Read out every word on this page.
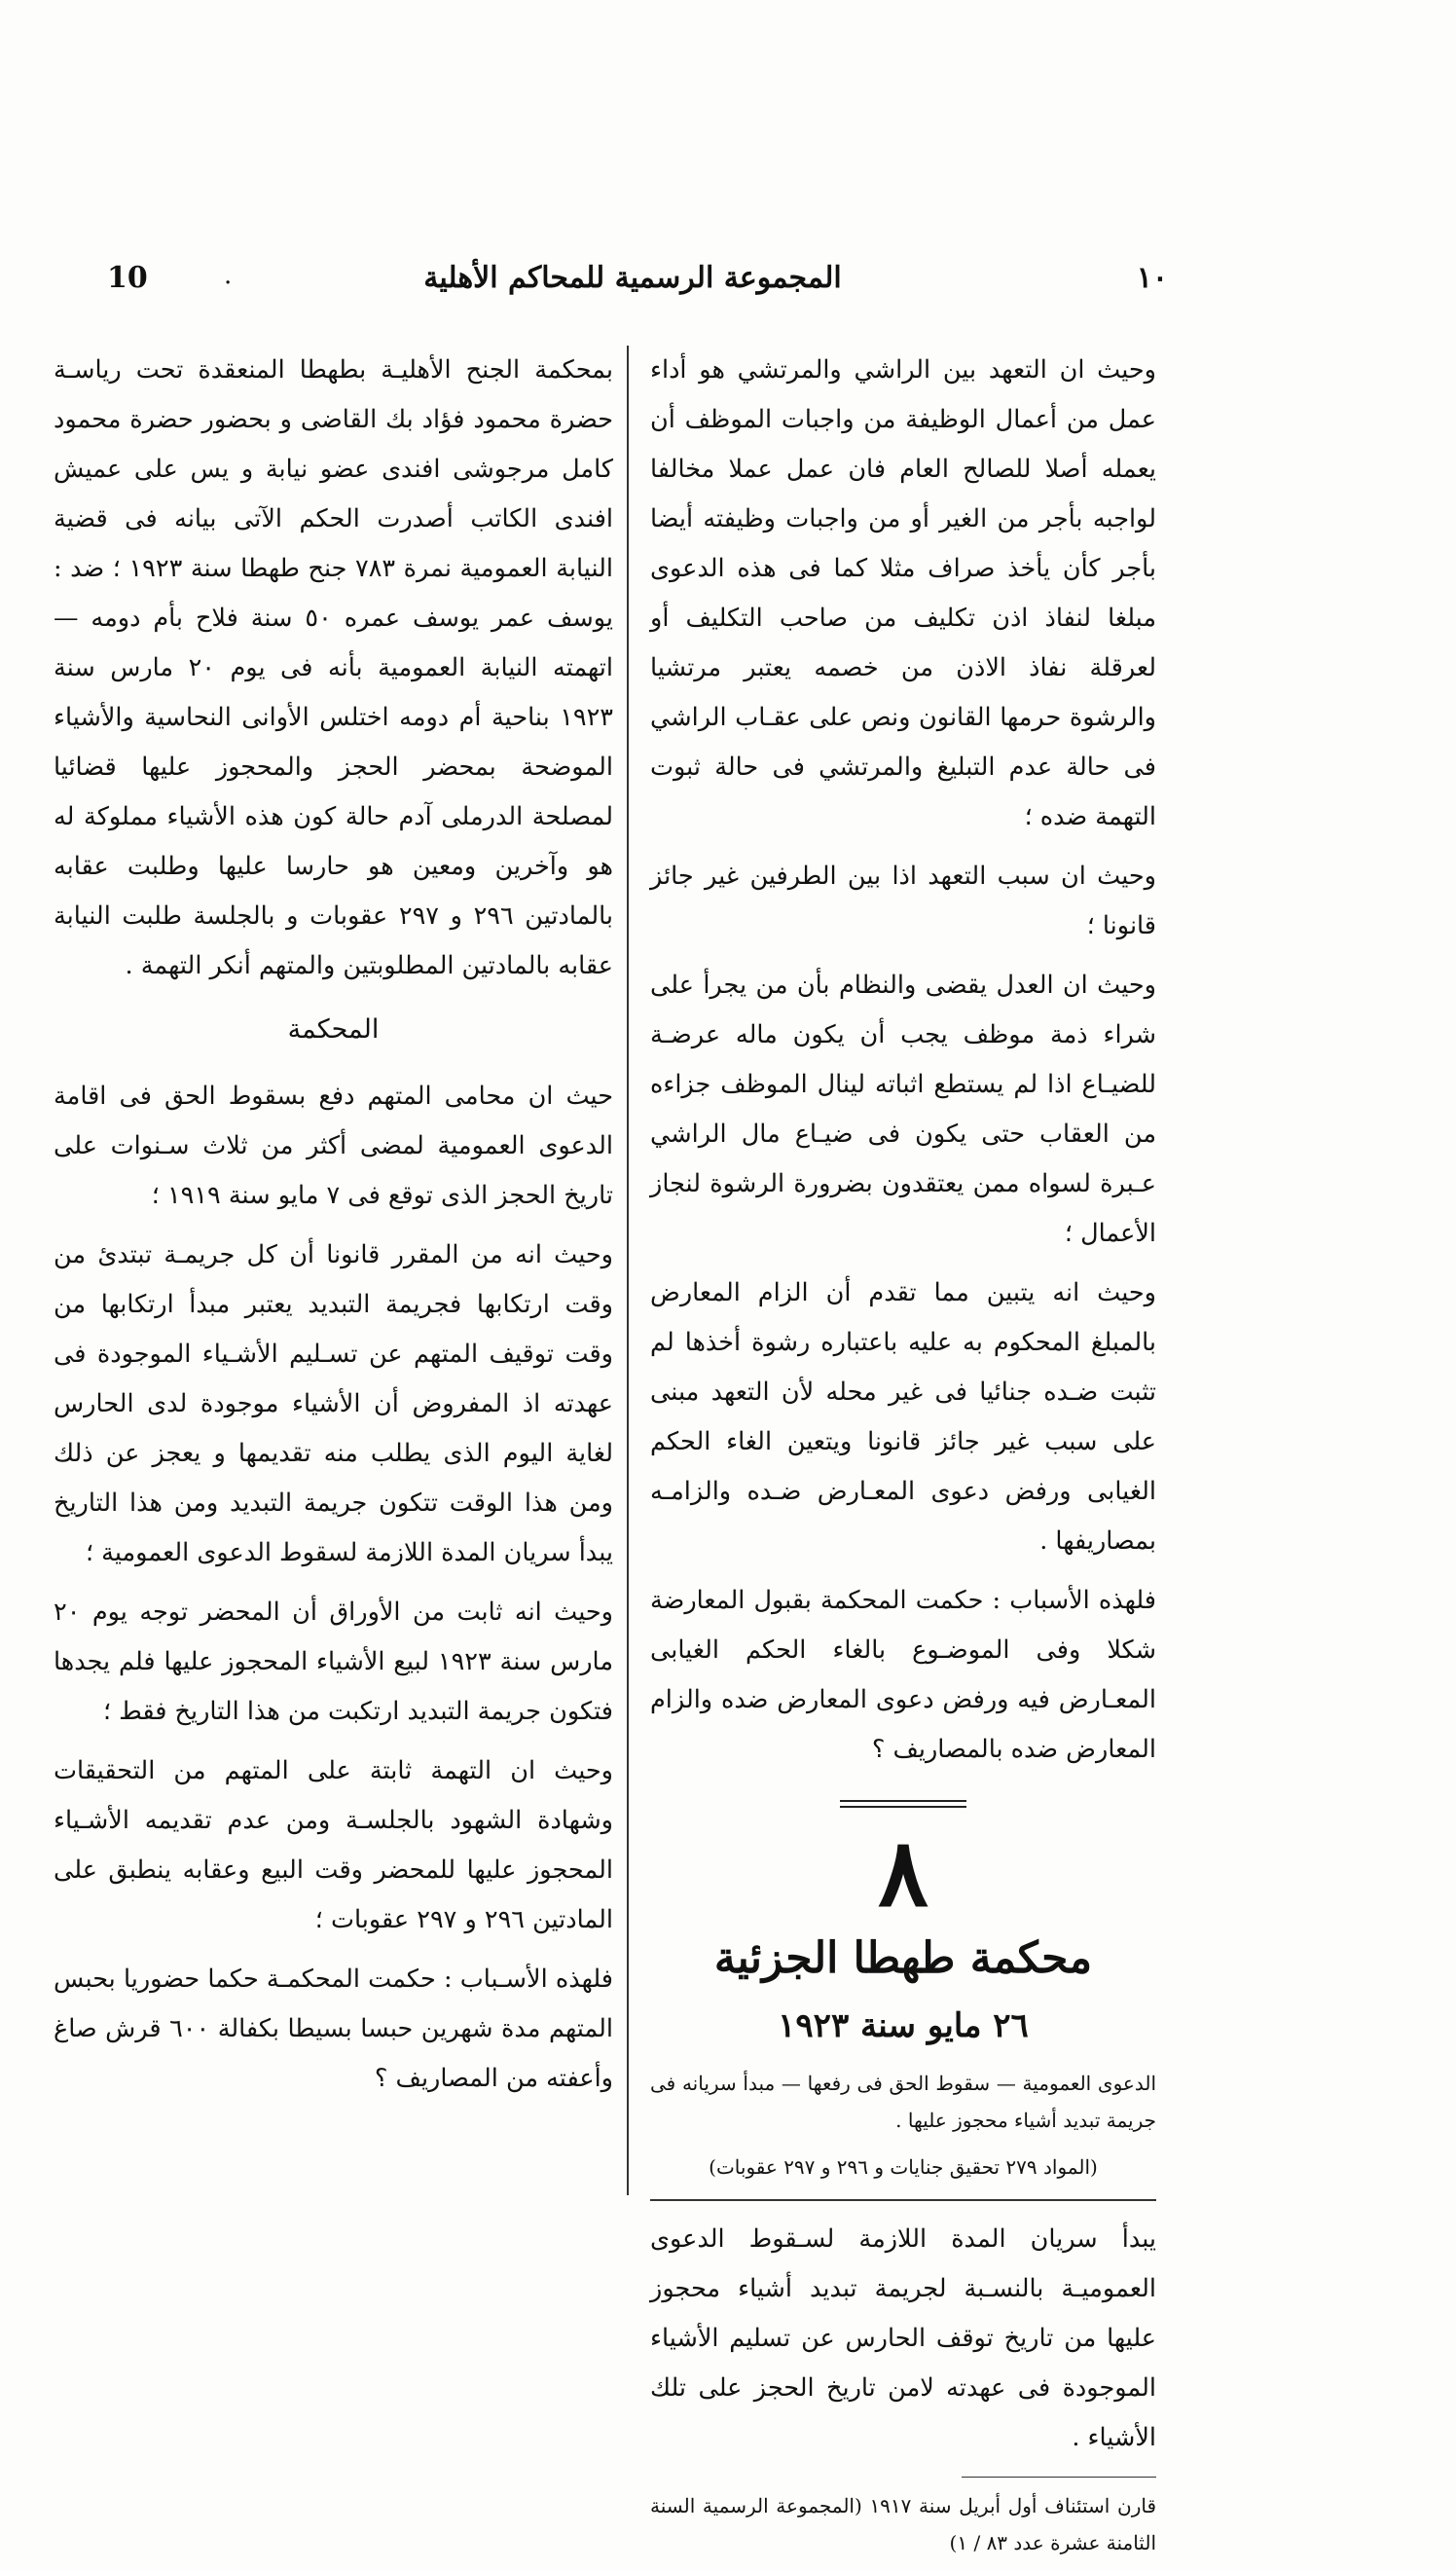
10	.	المجموعة الرسمية للمحاكم الأهلية	١٠

وحيث ان التعهد بين الراشي والمرتشي هو أداء عمل من أعمال الوظيفة من واجبات الموظف أن يعمله أصلا للصالح العام فان عمل عملا مخالفا لواجبه بأجر من الغير أو من واجبات وظيفته أيضا بأجر كأن يأخذ صراف مثلا كما فى هذه الدعوى مبلغا لنفاذ اذن تكليف من صاحب التكليف أو لعرقلة نفاذ الاذن من خصمه يعتبر مرتشيا والرشوة حرمها القانون ونص على عقـاب الراشي فى حالة عدم التبليغ والمرتشي فى حالة ثبوت التهمة ضده ؛

وحيث ان سبب التعهد اذا بين الطرفين غير جائز قانونا ؛

وحيث ان العدل يقضى والنظام بأن من يجرأ على شراء ذمة موظف يجب أن يكون ماله عرضـة للضيـاع اذا لم يستطع اثباته لينال الموظف جزاءه من العقاب حتى يكون فى ضيـاع مال الراشي عـبرة لسواه ممن يعتقدون بضرورة الرشوة لنجاز الأعمال ؛

وحيث انه يتبين مما تقدم أن الزام المعارض بالمبلغ المحكوم به عليه باعتباره رشوة أخذها لم تثبت ضـده جنائيا فى غير محله لأن التعهد مبنى على سبب غير جائز قانونا ويتعين الغاء الحكم الغيابى ورفض دعوى المعـارض ضـده والزامـه بمصاريفها .

فلهذه الأسباب : حكمت المحكمة بقبول المعارضة شكلا وفى الموضـوع بالغاء الحكم الغيابى المعـارض فيه ورفض دعوى المعارض ضده والزام المعارض ضده بالمصاريف ؟

٨
محكمة طهطا الجزئية
٢٦ مايو سنة ١٩٢٣

الدعوى العمومية — سقوط الحق فى رفعها — مبدأ سريانه فى جريمة تبديد أشياء محجوز عليها .

(المواد ٢٧٩ تحقيق جنايات و ٢٩٦ و ٢٩٧ عقوبات)

يبدأ سريان المدة اللازمة لسـقوط الدعوى العموميـة بالنسـبة لجريمة تبديد أشياء محجوز عليها من تاريخ توقف الحارس عن تسليم الأشياء الموجودة فى عهدته لامن تاريخ الحجز على تلك الأشياء .

قارن استئناف أول أبريل سنة ١٩١٧ (المجموعة الرسمية السنة الثامنة عشرة عدد ٨٣ / ١)

بمحكمة الجنح الأهليـة بطهطا المنعقدة تحت رياسـة حضرة محمود فؤاد بك القاضى و بحضور حضرة محمود كامل مرجوشى افندى عضو نيابة و يس على عميش افندى الكاتب أصدرت الحكم الآتى بيانه فى قضية النيابة العمومية نمرة ٧٨٣ جنح طهطا سنة ١٩٢٣ ؛ ضد : يوسف عمر يوسف عمره ٥٠ سنة فلاح بأم دومه — اتهمته النيابة العمومية بأنه فى يوم ٢٠ مارس سنة ١٩٢٣ بناحية أم دومه اختلس الأوانى النحاسية والأشياء الموضحة بمحضر الحجز والمحجوز عليها قضائيا لمصلحة الدرملى آدم حالة كون هذه الأشياء مملوكة له هو وآخرين ومعين هو حارسا عليها وطلبت عقابه بالمادتين ٢٩٦ و ٢٩٧ عقوبات و بالجلسة طلبت النيابة عقابه بالمادتين المطلوبتين والمتهم أنكر التهمة .

المحكمة

حيث ان محامى المتهم دفع بسقوط الحق فى اقامة الدعوى العمومية لمضى أكثر من ثلاث سـنوات على تاريخ الحجز الذى توقع فى ٧ مايو سنة ١٩١٩ ؛

وحيث انه من المقرر قانونا أن كل جريمـة تبتدئ من وقت ارتكابها فجريمة التبديد يعتبر مبدأ ارتكابها من وقت توقيف المتهم عن تسـليم الأشـياء الموجودة فى عهدته اذ المفروض أن الأشياء موجودة لدى الحارس لغاية اليوم الذى يطلب منه تقديمها و يعجز عن ذلك ومن هذا الوقت تتكون جريمة التبديد ومن هذا التاريخ يبدأ سريان المدة اللازمة لسقوط الدعوى العمومية ؛

وحيث انه ثابت من الأوراق أن المحضر توجه يوم ٢٠ مارس سنة ١٩٢٣ لبيع الأشياء المحجوز عليها فلم يجدها فتكون جريمة التبديد ارتكبت من هذا التاريخ فقط ؛

وحيث ان التهمة ثابتة على المتهم من التحقيقات وشهادة الشهود بالجلسـة ومن عدم تقديمه الأشـياء المحجوز عليها للمحضر وقت البيع وعقابه ينطبق على المادتين ٢٩٦ و ٢٩٧ عقوبات ؛

فلهذه الأسـباب : حكمت المحكمـة حكما حضوريا بحبس المتهم مدة شهرين حبسا بسيطا بكفالة ٦٠٠ قرش صاغ وأعفته من المصاريف ؟
